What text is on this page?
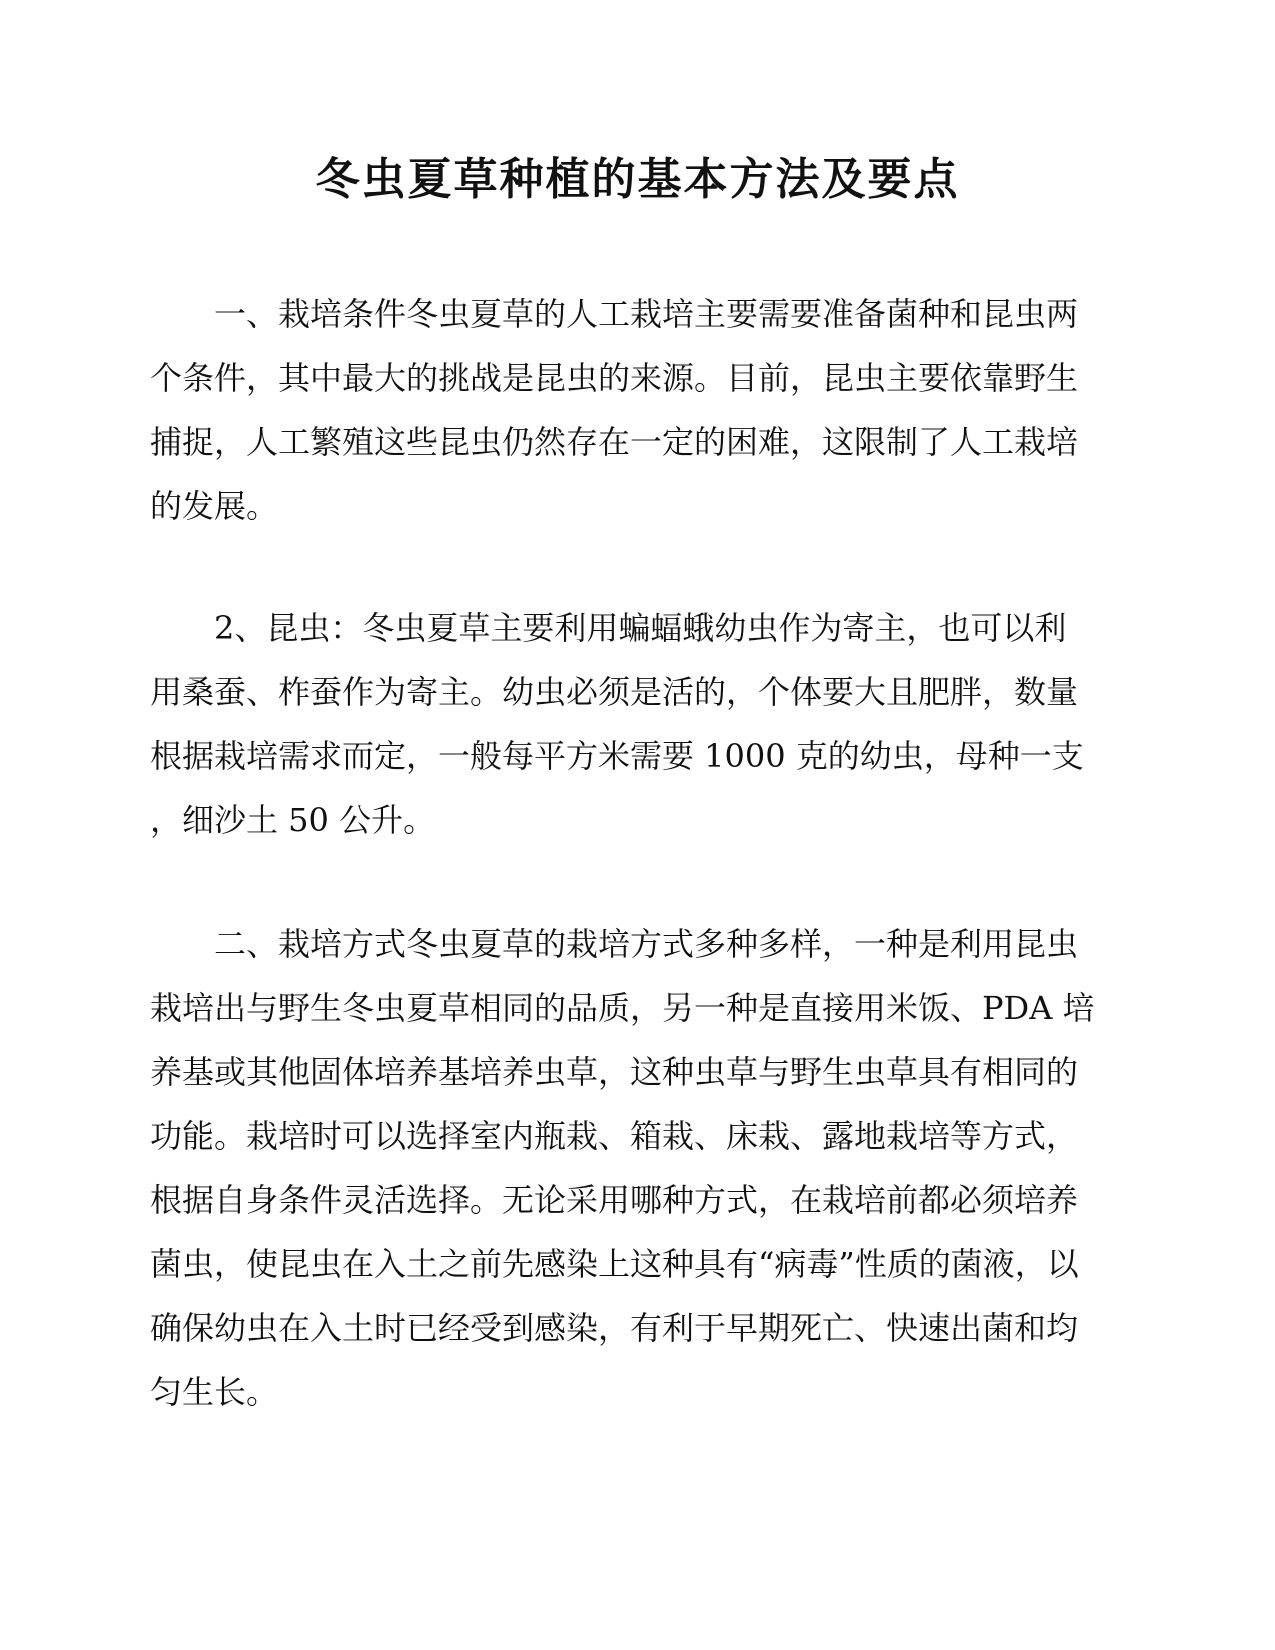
冬虫夏草种植的基本方法及要点
一、栽培条件冬虫夏草的人工栽培主要需要准备菌种和昆虫两
个条件，其中最大的挑战是昆虫的来源。目前，昆虫主要依靠野生
捕捉，人工繁殖这些昆虫仍然存在一定的困难，这限制了人工栽培
的发展。
2、昆虫：冬虫夏草主要利用蝙蝠蛾幼虫作为寄主，也可以利
用桑蚕、柞蚕作为寄主。幼虫必须是活的，个体要大且肥胖，数量
根据栽培需求而定，一般每平方米需要 1000 克的幼虫，母种一支
，细沙土 50 公升。
二、栽培方式冬虫夏草的栽培方式多种多样，一种是利用昆虫
栽培出与野生冬虫夏草相同的品质，另一种是直接用米饭、PDA 培
养基或其他固体培养基培养虫草，这种虫草与野生虫草具有相同的
功能。栽培时可以选择室内瓶栽、箱栽、床栽、露地栽培等方式，
根据自身条件灵活选择。无论采用哪种方式，在栽培前都必须培养
菌虫，使昆虫在入土之前先感染上这种具有“病毒”性质的菌液，以
确保幼虫在入土时已经受到感染，有利于早期死亡、快速出菌和均
匀生长。
